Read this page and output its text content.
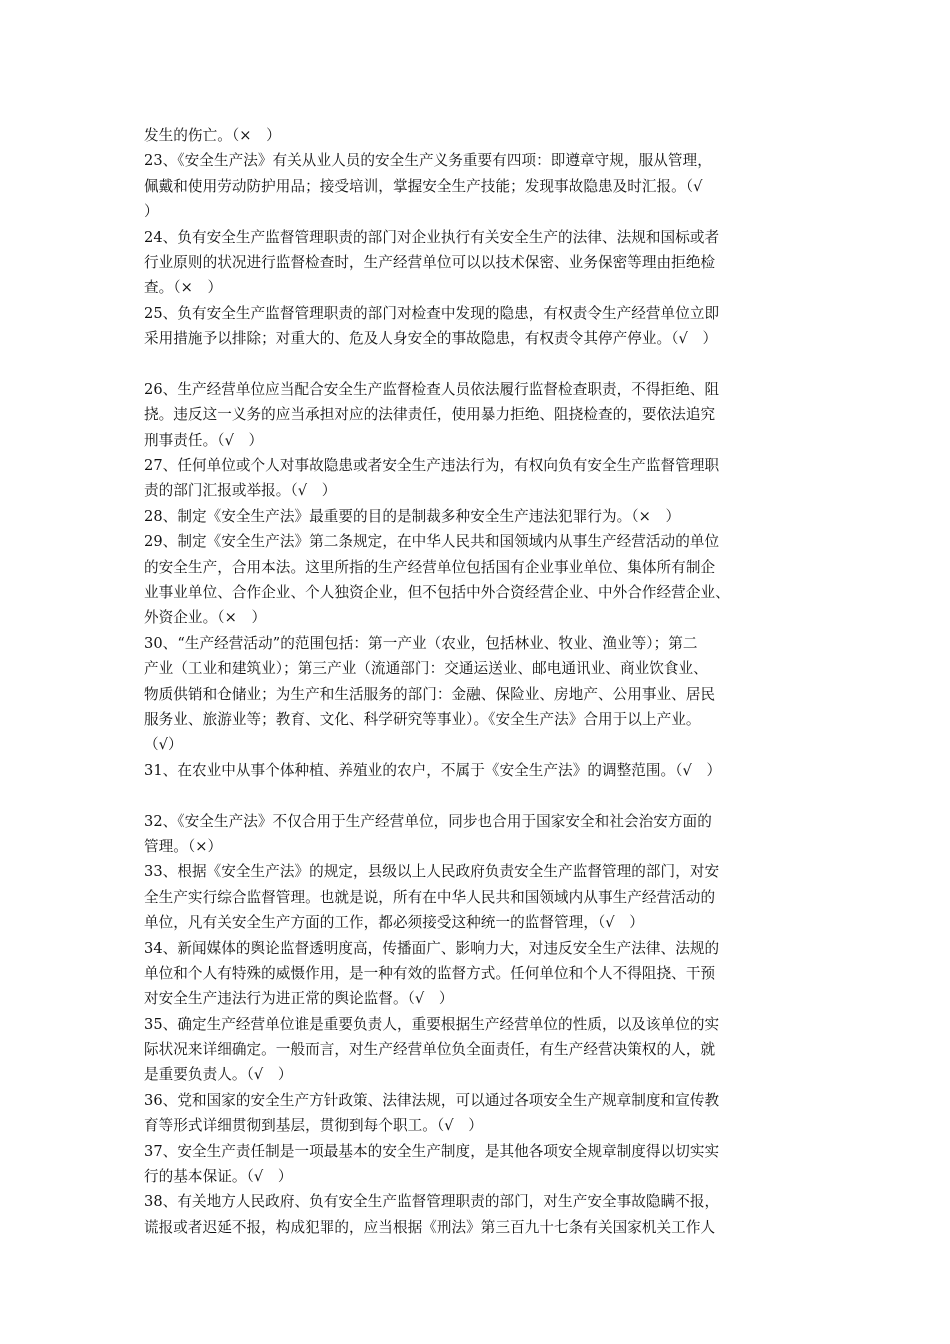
发生的伤亡。（×　）
23、《安全生产法》有关从业人员的安全生产义务重要有四项：即遵章守规，服从管理，
佩戴和使用劳动防护用品；接受培训，掌握安全生产技能；发现事故隐患及时汇报。（√
）
24、负有安全生产监督管理职责的部门对企业执行有关安全生产的法律、法规和国标或者
行业原则的状况进行监督检查时，生产经营单位可以以技术保密、业务保密等理由拒绝检
查。（×　）
25、负有安全生产监督管理职责的部门对检查中发现的隐患，有权责令生产经营单位立即
采用措施予以排除；对重大的、危及人身安全的事故隐患，有权责令其停产停业。（√　）
26、生产经营单位应当配合安全生产监督检查人员依法履行监督检查职责，不得拒绝、阻
挠。违反这一义务的应当承担对应的法律责任，使用暴力拒绝、阻挠检查的，要依法追究
刑事责任。（√　）
27、任何单位或个人对事故隐患或者安全生产违法行为，有权向负有安全生产监督管理职
责的部门汇报或举报。（√　）
28、制定《安全生产法》最重要的目的是制裁多种安全生产违法犯罪行为。（×　）
29、制定《安全生产法》第二条规定，在中华人民共和国领域内从事生产经营活动的单位
的安全生产，合用本法。这里所指的生产经营单位包括国有企业事业单位、集体所有制企
业事业单位、合作企业、个人独资企业，但不包括中外合资经营企业、中外合作经营企业、
外资企业。（×　）
30、“生产经营活动”的范围包括：第一产业（农业，包括林业、牧业、渔业等）；第二
产业（工业和建筑业）；第三产业（流通部门：交通运送业、邮电通讯业、商业饮食业、
物质供销和仓储业；为生产和生活服务的部门：金融、保险业、房地产、公用事业、居民
服务业、旅游业等；教育、文化、科学研究等事业）。《安全生产法》合用于以上产业。
（√）
31、在农业中从事个体种植、养殖业的农户，不属于《安全生产法》的调整范围。（√　）
32、《安全生产法》不仅合用于生产经营单位，同步也合用于国家安全和社会治安方面的
管理。（×）
33、根据《安全生产法》的规定，县级以上人民政府负责安全生产监督管理的部门，对安
全生产实行综合监督管理。也就是说，所有在中华人民共和国领域内从事生产经营活动的
单位，凡有关安全生产方面的工作，都必须接受这种统一的监督管理，（√　）
34、新闻媒体的舆论监督透明度高，传播面广、影响力大，对违反安全生产法律、法规的
单位和个人有特殊的威慑作用，是一种有效的监督方式。任何单位和个人不得阻挠、干预
对安全生产违法行为进正常的舆论监督。（√　）
35、确定生产经营单位谁是重要负责人，重要根据生产经营单位的性质，以及该单位的实
际状况来详细确定。一般而言，对生产经营单位负全面责任，有生产经营决策权的人，就
是重要负责人。（√　）
36、党和国家的安全生产方针政策、法律法规，可以通过各项安全生产规章制度和宣传教
育等形式详细贯彻到基层，贯彻到每个职工。（√　）
37、安全生产责任制是一项最基本的安全生产制度，是其他各项安全规章制度得以切实实
行的基本保证。（√　）
38、有关地方人民政府、负有安全生产监督管理职责的部门，对生产安全事故隐瞒不报，
谎报或者迟延不报，构成犯罪的，应当根据《刑法》第三百九十七条有关国家机关工作人
